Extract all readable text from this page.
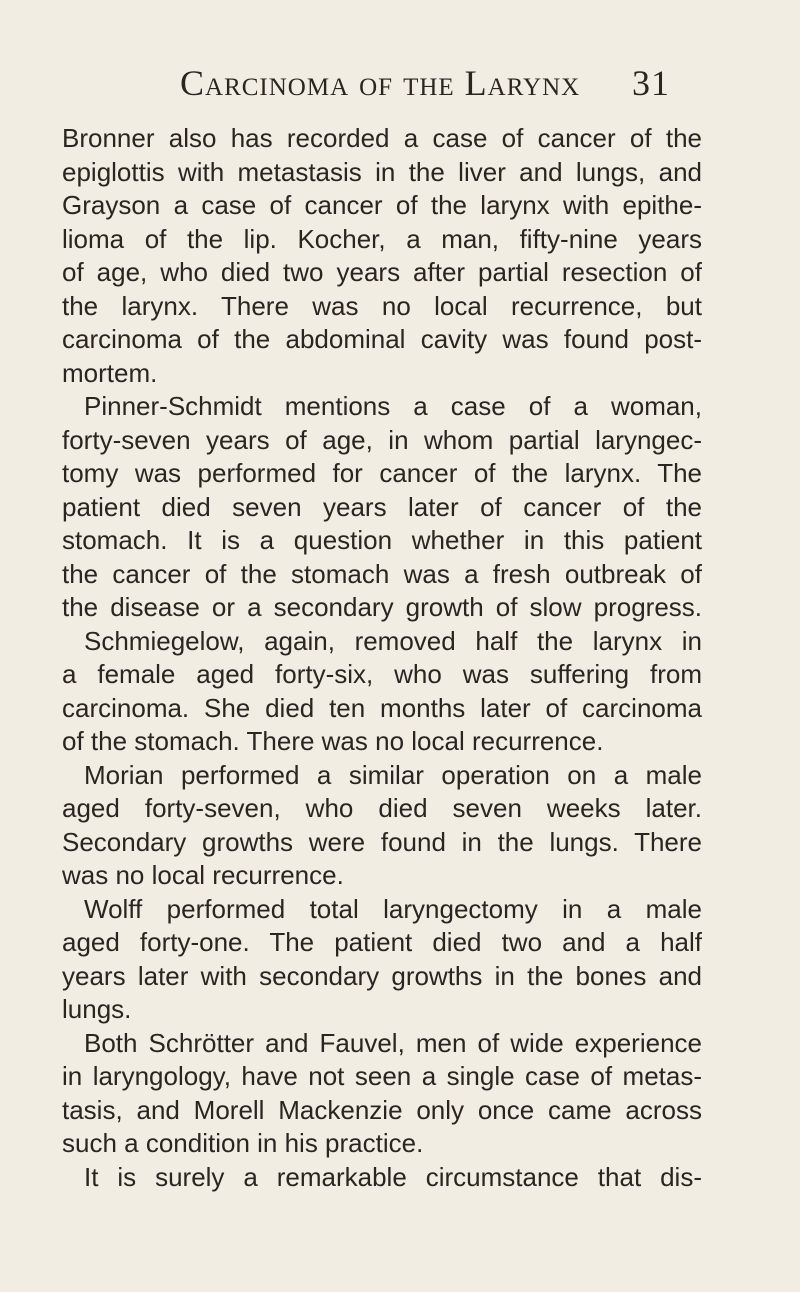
Carcinoma of the Larynx 31
Bronner also has recorded a case of cancer of the
epiglottis with metastasis in the liver and lungs, and
Grayson a case of cancer of the larynx with epithe-
lioma of the lip. Kocher, a man, fifty-nine years
of age, who died two years after partial resection of
the larynx. There was no local recurrence, but
carcinoma of the abdominal cavity was found post-
mortem.
Pinner-Schmidt mentions a case of a woman,
forty-seven years of age, in whom partial laryngec-
tomy was performed for cancer of the larynx. The
patient died seven years later of cancer of the
stomach. It is a question whether in this patient
the cancer of the stomach was a fresh outbreak of
the disease or a secondary growth of slow progress.
Schmiegelow, again, removed half the larynx in
a female aged forty-six, who was suffering from
carcinoma. She died ten months later of carcinoma
of the stomach. There was no local recurrence.
Morian performed a similar operation on a male
aged forty-seven, who died seven weeks later.
Secondary growths were found in the lungs. There
was no local recurrence.
Wolff performed total laryngectomy in a male
aged forty-one. The patient died two and a half
years later with secondary growths in the bones and
lungs.
Both Schrötter and Fauvel, men of wide experience
in laryngology, have not seen a single case of metas-
tasis, and Morell Mackenzie only once came across
such a condition in his practice.
It is surely a remarkable circumstance that dis-
